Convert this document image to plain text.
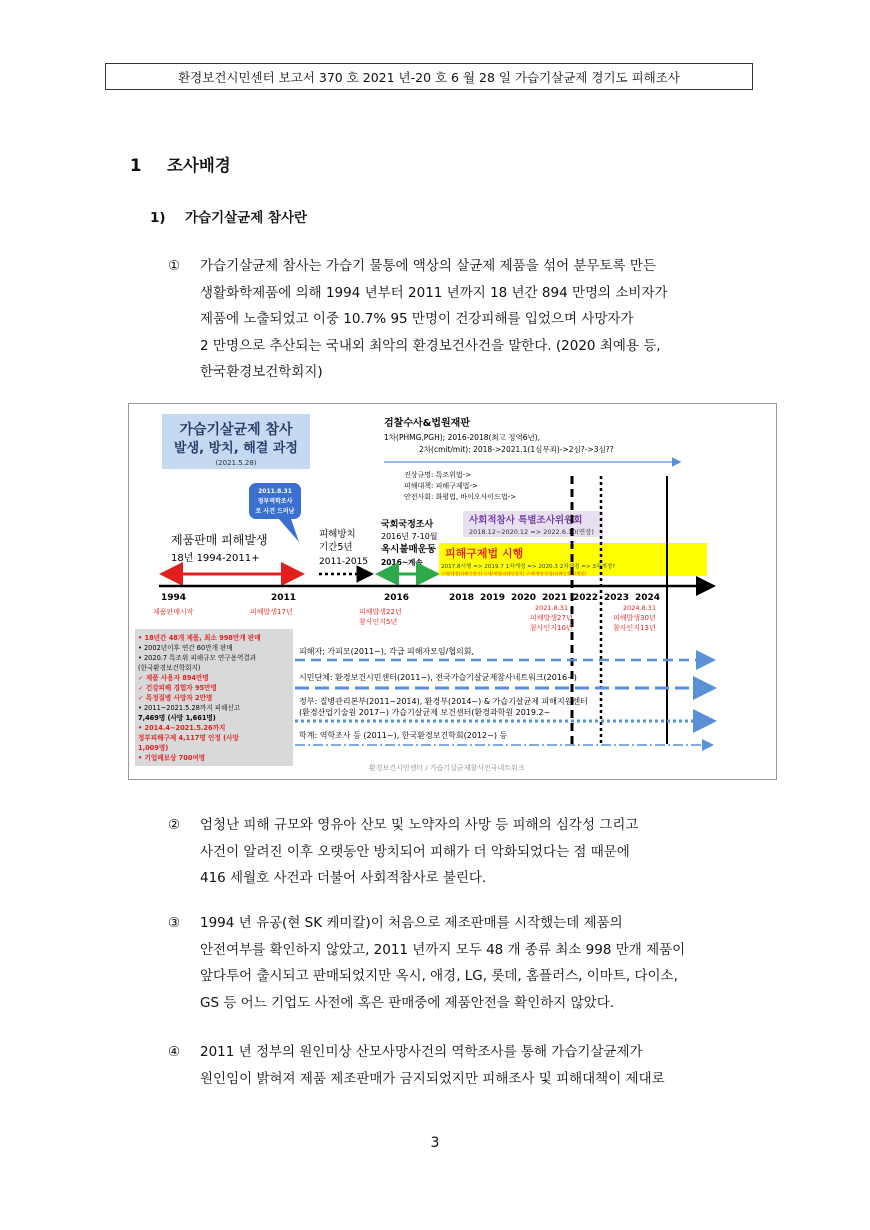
환경보건시민센터 보고서 370 호 2021 년-20 호 6 월 28 일 가습기살균제 경기도 피해조사
1 조사배경
1) 가습기살균제 참사란
①	가습기살균제 참사는 가습기 물통에 액상의 살균제 제품을 섞어 분무토록 만든
생활화학제품에 의해 1994 년부터 2011 년까지 18 년간 894 만명의 소비자가
제품에 노출되었고 이중 10.7% 95 만명이 건강피해를 입었으며 사망자가
2 만명으로 추산되는 국내외 최악의 환경보건사건을 말한다. (2020 최예용 등,
한국환경보건학회지)
가습기살균제 참사
발생, 방치, 해결 과정
(2021.5.28)
2011.8.31
정부역학조사
로 사건 드러남
제품판매 피해발생
18년 1994-2011+
피해방치
기간5년
2011-2015
국회국정조사
2016년 7-10월
옥시불매운동
2016~계속
검찰수사&법원재판
1차(PHMG,PGH); 2016-2018(최고 징역6년),
2차(cmit/mit); 2018->2021.1(1심무죄)->2심?->3심??
진상규명: 특조위법->
피해대책: 피해구제법->
안전사회: 화평법, 바이오사이드법->
사회적참사 특별조사위원회
2018.12~2020.12 => 2022.6.10(연장)
피해구제법 시행
2017.8시행 => 2019.7 1차개정 => 2020.3 2차개정 => 3차개정?
구제/계정(피해인정자) 구제/계정(피해인정자) 구제/계정 통합(피해인정자/계정)
1994	2011	2016	2018 2019 2020 2021 2022 2023 2024
제품판매시작	피해발생17년	피해발생22년
참사인지5년
2021.8.31
피해발생27년
참사인지10년
2024.8.31
피해발생30년
참사인지13년
• 18년간 48개 제품, 최소 998만개 판매
• 2002년이후 연간 60만개 판매
• 2020.7 특조위 피해규모 연구용역결과
(한국환경보건학회지)
✓ 제품 사용자 894만명
✓ 건강피해 경험자 95만명
✓ 특정질병 사망자 2만명
• 2011~2021.5.28까지 피해신고
7,469명 (사망 1,661명)
• 2014.4~2021.5.26까지
정부피해구제 4,117명 인정 (사망
1,009명)
• 기업배보상 700여명
피해자; 가피모(2011~), 각급 피해자모임/협의회,
시민단체: 환경보건시민센터(2011~), 전국가습기살균제참사네트워크(2016~)
정부: 질병관리본부(2011~2014), 환경부(2014~) & 가습기살균제 피해지원센터
(환경산업기술원 2017~) 가습기살균제 보건센터(환경과학원 2019.2~
학계: 역학조사 등 (2011~), 한국환경보건학회(2012~) 등
환경보건시민센터 / 가습기살균제참사전국네트워크
②	엄청난 피해 규모와 영유아 산모 및 노약자의 사망 등 피해의 심각성 그리고
사건이 알려진 이후 오랫동안 방치되어 피해가 더 악화되었다는 점 때문에
416 세월호 사건과 더불어 사회적참사로 불린다.
③	1994 년 유공(현 SK 케미칼)이 처음으로 제조판매를 시작했는데 제품의
안전여부를 확인하지 않았고, 2011 년까지 모두 48 개 종류 최소 998 만개 제품이
앞다투어 출시되고 판매되었지만 옥시, 애경, LG, 롯데, 홈플러스, 이마트, 다이소,
GS 등 어느 기업도 사전에 혹은 판매중에 제품안전을 확인하지 않았다.
④	2011 년 정부의 원인미상 산모사망사건의 역학조사를 통해 가습기살균제가
원인임이 밝혀져 제품 제조판매가 금지되었지만 피해조사 및 피해대책이 제대로
3
